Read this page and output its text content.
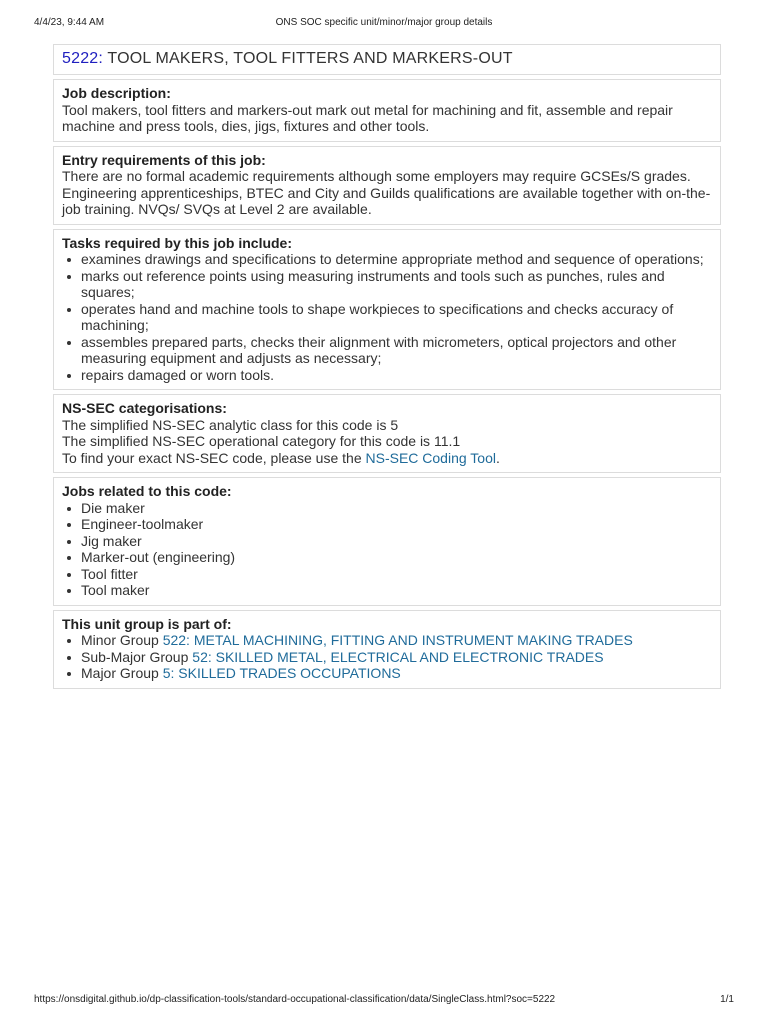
4/4/23, 9:44 AM	ONS SOC specific unit/minor/major group details
5222: TOOL MAKERS, TOOL FITTERS AND MARKERS-OUT
Job description:

Tool makers, tool fitters and markers-out mark out metal for machining and fit, assemble and repair machine and press tools, dies, jigs, fixtures and other tools.

Entry requirements of this job:

There are no formal academic requirements although some employers may require GCSEs/S grades. Engineering apprenticeships, BTEC and City and Guilds qualifications are available together with on-the-job training. NVQs/ SVQs at Level 2 are available.

Tasks required by this job include:
examines drawings and specifications to determine appropriate method and sequence of operations;
marks out reference points using measuring instruments and tools such as punches, rules and squares;
operates hand and machine tools to shape workpieces to specifications and checks accuracy of machining;
assembles prepared parts, checks their alignment with micrometers, optical projectors and other measuring equipment and adjusts as necessary;
repairs damaged or worn tools.
NS-SEC categorisations:
The simplified NS-SEC analytic class for this code is 5
The simplified NS-SEC operational category for this code is 11.1
To find your exact NS-SEC code, please use the NS-SEC Coding Tool.
Jobs related to this code:
Die maker
Engineer-toolmaker
Jig maker
Marker-out (engineering)
Tool fitter
Tool maker
This unit group is part of:
Minor Group 522: METAL MACHINING, FITTING AND INSTRUMENT MAKING TRADES
Sub-Major Group 52: SKILLED METAL, ELECTRICAL AND ELECTRONIC TRADES
Major Group 5: SKILLED TRADES OCCUPATIONS
https://onsdigital.github.io/dp-classification-tools/standard-occupational-classification/data/SingleClass.html?soc=5222	1/1
